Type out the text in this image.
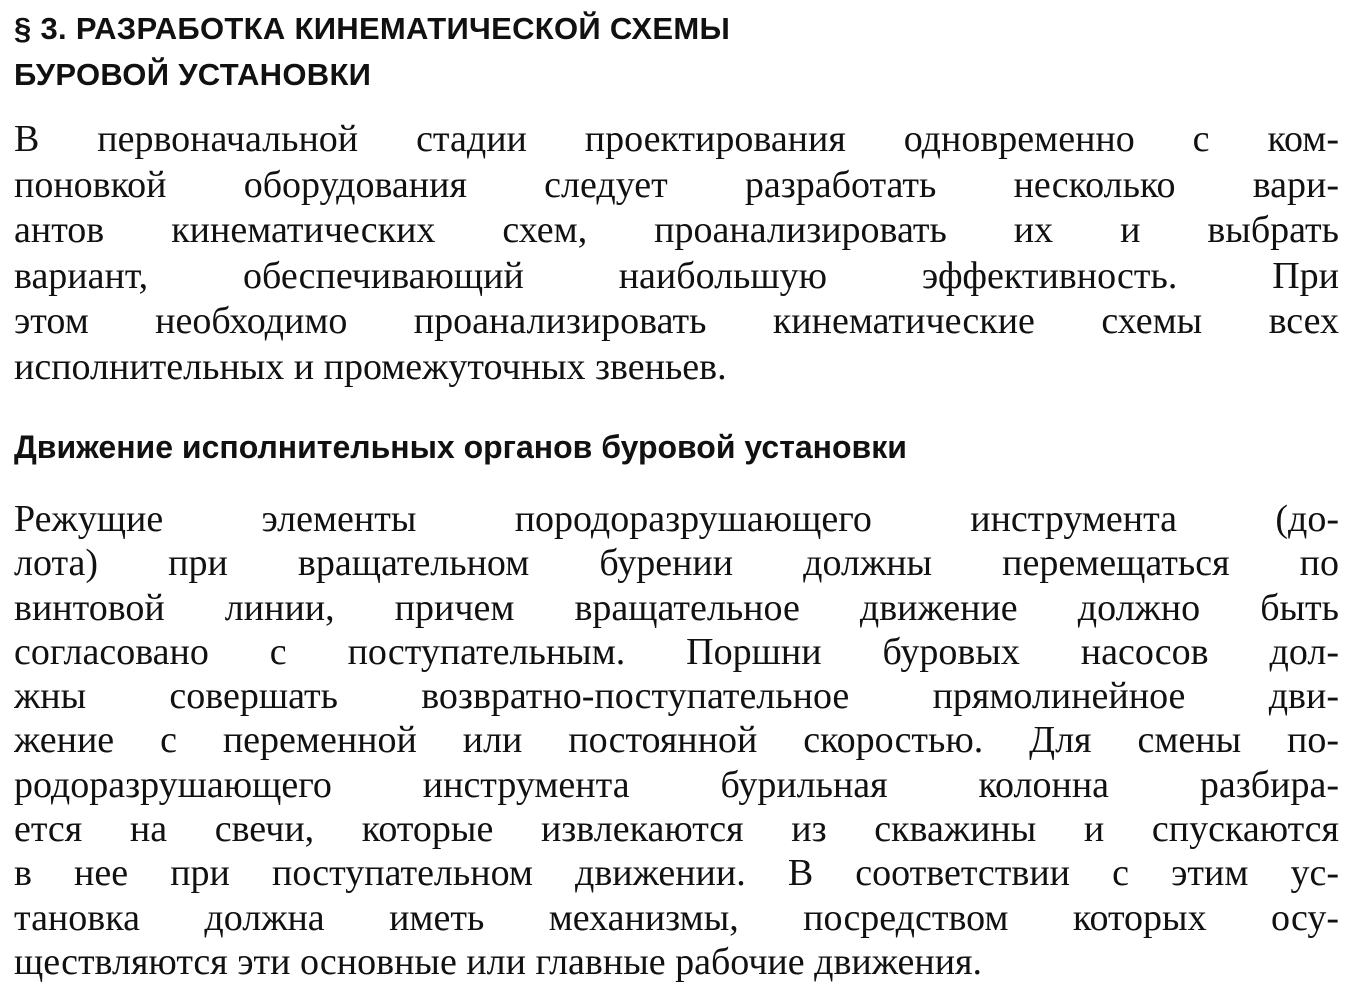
§ 3. РАЗРАБОТКА КИНЕМАТИЧЕСКОЙ СХЕМЫ
БУРОВОЙ УСТАНОВКИ

В первоначальной стадии проектирования одновременно с ком-
поновкой оборудования следует разработать несколько вари-
антов кинематических схем, проанализировать их и выбрать
вариант, обеспечивающий наибольшую эффективность. При
этом необходимо проанализировать кинематические схемы всех
исполнительных и промежуточных звеньев.

Движение исполнительных органов буровой установки

Режущие элементы породоразрушающего инструмента (до-
лота) при вращательном бурении должны перемещаться по
винтовой линии, причем вращательное движение должно быть
согласовано с поступательным. Поршни буровых насосов дол-
жны совершать возвратно-поступательное прямолинейное дви-
жение с переменной или постоянной скоростью. Для смены по-
родоразрушающего инструмента бурильная колонна разбира-
ется на свечи, которые извлекаются из скважины и спускаются
в нее при поступательном движении. В соответствии с этим ус-
тановка должна иметь механизмы, посредством которых осу-
ществляются эти основные или главные рабочие движения.
